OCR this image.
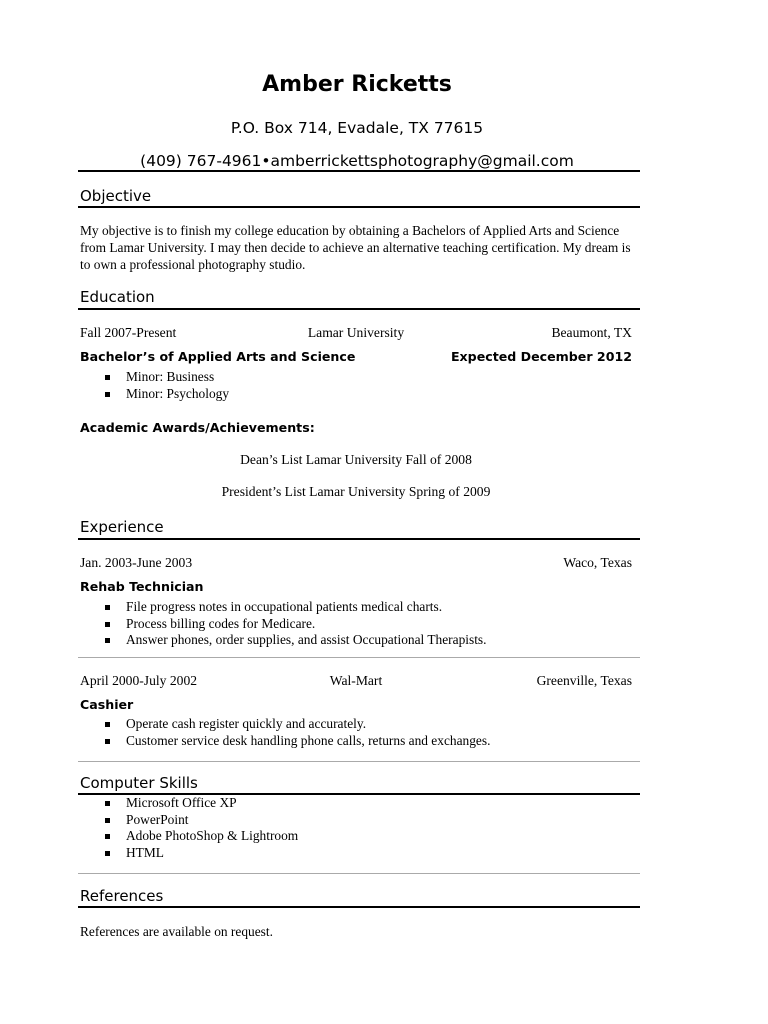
Amber Ricketts
P.O. Box 714, Evadale, TX 77615
(409) 767-4961•amberrickettsphotography@gmail.com
Objective
My objective is to finish my college education by obtaining a Bachelors of Applied Arts and Science from Lamar University. I may then decide to achieve an alternative teaching certification. My dream is to own a professional photography studio.
Education
Fall 2007-Present	Lamar University	Beaumont, TX
Bachelor’s of Applied Arts and Science	Expected December 2012
Minor: Business
Minor: Psychology
Academic Awards/Achievements:
Dean’s List Lamar University Fall of 2008
President’s List Lamar University Spring of 2009
Experience
Jan. 2003-June 2003	Waco, Texas
Rehab Technician
File progress notes in occupational patients medical charts.
Process billing codes for Medicare.
Answer phones, order supplies, and assist Occupational Therapists.
April 2000-July 2002	Wal-Mart	Greenville, Texas
Cashier
Operate cash register quickly and accurately.
Customer service desk handling phone calls, returns and exchanges.
Computer Skills
Microsoft Office XP
PowerPoint
Adobe PhotoShop & Lightroom
HTML
References
References are available on request.
